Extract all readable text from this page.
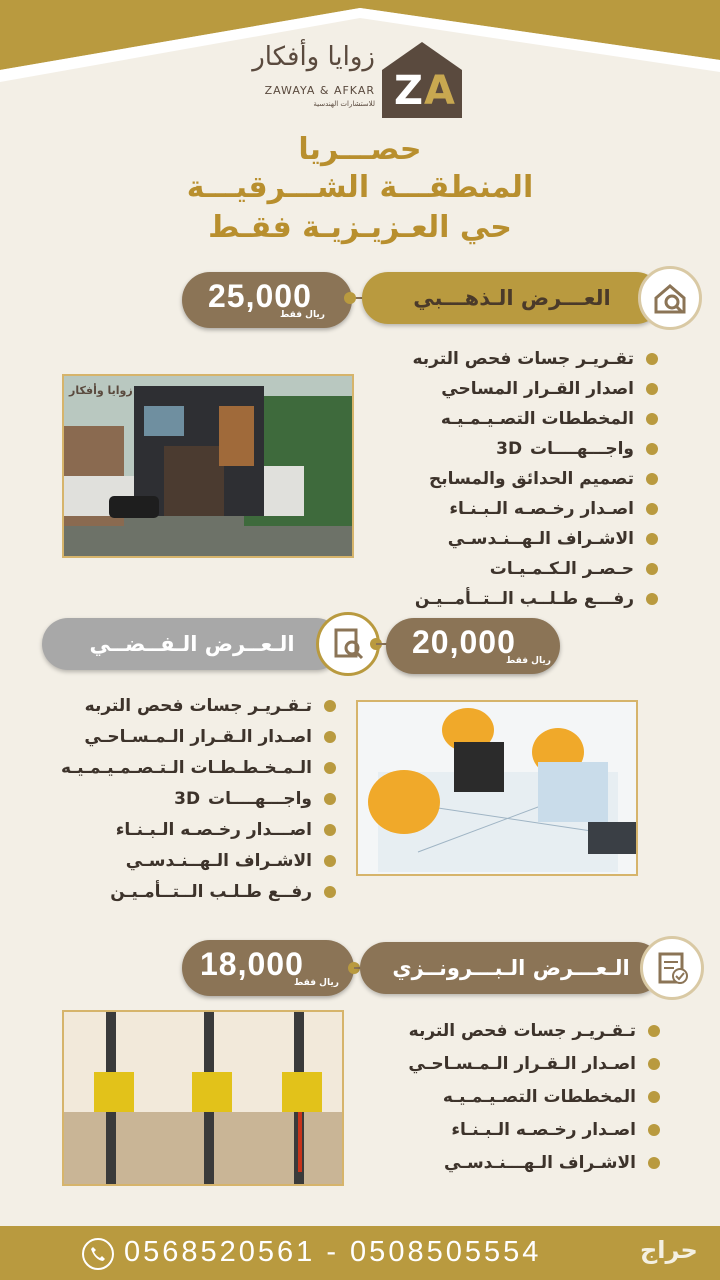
زوايا وأفكار
ZAWAYA & AFKAR
للاستشارات الهندسية Z A
حصـــريا
المنطقـــة الشـــرقيـــة
حي العـزيـزيـة فقـط
25,000
ريال فقط
العـــرض الـذهـــبي
زوايا وأفكار
تقـريـر جسات فحص التربه
اصدار القـرار المساحي
المخططات التصـيـمـيـه
واجـــهــــات 3D
تصميم الحدائق والمسابح
اصـدار رخـصـه الـبـنـاء
الاشـراف الـهــنـدسـي
حـصـر الـكـمـيـات
رفـــع طـلــب الــتــأمــيـن
الـعــرض الـفــضــي	20,000
ريال فقط
تـقـريـر جسات فحص التربه
اصـدار الـقـرار الـمـسـاحـي
الـمـخـطـطـات الـتـصـمـيـمـيـه
واجـــهــــات 3D
اصـــدار رخـصـه الـبـنـاء
الاشـراف الـهــنـدسـي
رفــع طـلـب الــتــأمـيـن
18,000
ريال فقط
الـعـــرض الـبـــرونــزي
تـقـريـر جسات فحص التربه
اصـدار الـقـرار الـمـسـاحـي
المخططات التصـيـمـيـه
اصـدار رخـصـه الـبـنـاء
الاشـراف الـهـــنـدسـي
0568520561 - 0508505554	حراج
